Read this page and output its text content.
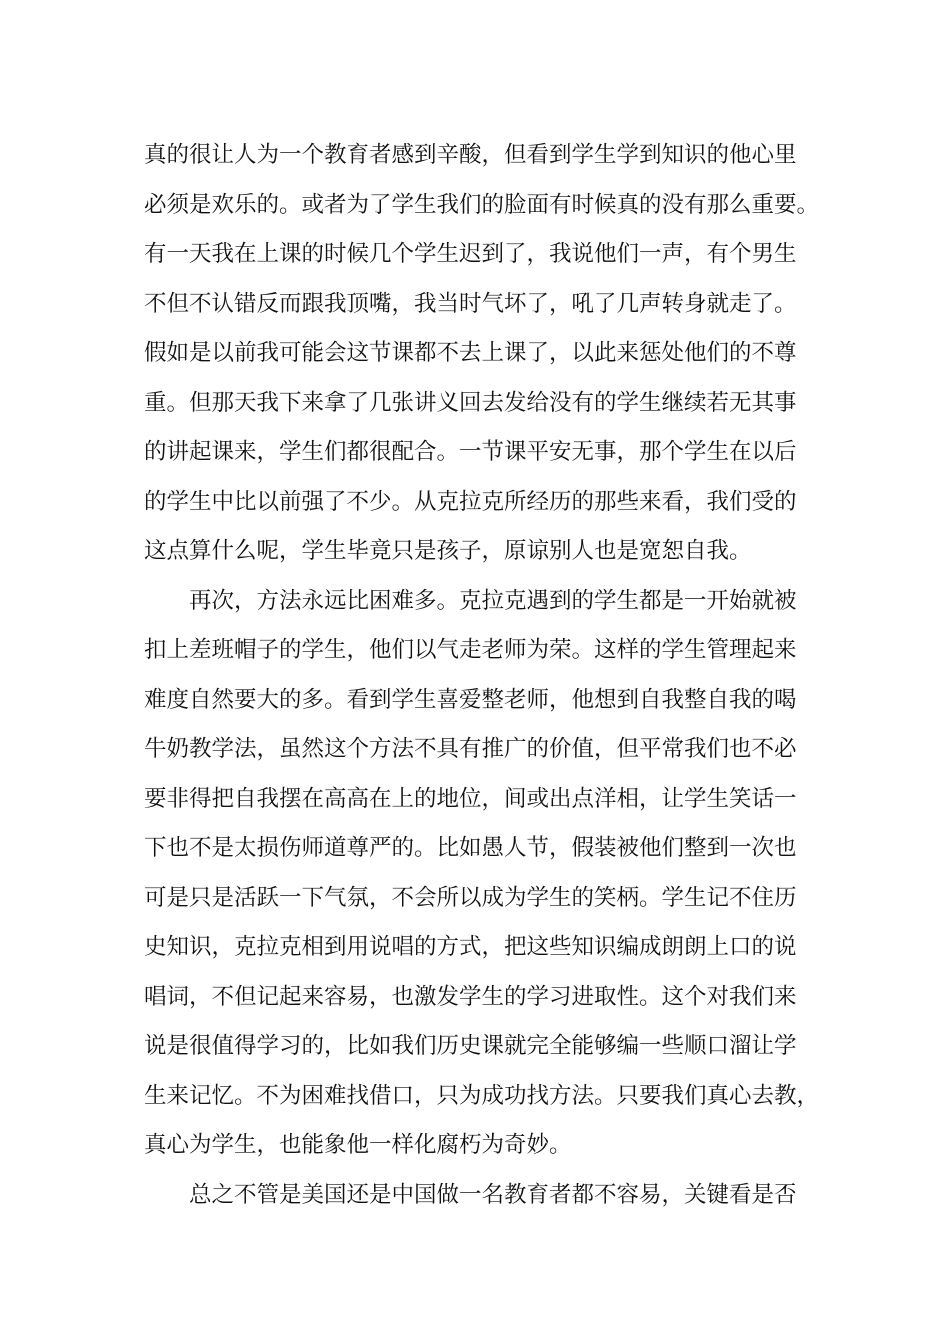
真的很让人为一个教育者感到辛酸，但看到学生学到知识的他心里
必须是欢乐的。或者为了学生我们的脸面有时候真的没有那么重要。
有一天我在上课的时候几个学生迟到了，我说他们一声，有个男生
不但不认错反而跟我顶嘴，我当时气坏了，吼了几声转身就走了。
假如是以前我可能会这节课都不去上课了，以此来惩处他们的不尊
重。但那天我下来拿了几张讲义回去发给没有的学生继续若无其事
的讲起课来，学生们都很配合。一节课平安无事，那个学生在以后
的学生中比以前强了不少。从克拉克所经历的那些来看，我们受的
这点算什么呢，学生毕竟只是孩子，原谅别人也是宽恕自我。
再次，方法永远比困难多。克拉克遇到的学生都是一开始就被
扣上差班帽子的学生，他们以气走老师为荣。这样的学生管理起来
难度自然要大的多。看到学生喜爱整老师，他想到自我整自我的喝
牛奶教学法，虽然这个方法不具有推广的价值，但平常我们也不必
要非得把自我摆在高高在上的地位，间或出点洋相，让学生笑话一
下也不是太损伤师道尊严的。比如愚人节，假装被他们整到一次也
可是只是活跃一下气氛，不会所以成为学生的笑柄。学生记不住历
史知识，克拉克相到用说唱的方式，把这些知识编成朗朗上口的说
唱词，不但记起来容易，也激发学生的学习进取性。这个对我们来
说是很值得学习的，比如我们历史课就完全能够编一些顺口溜让学
生来记忆。不为困难找借口，只为成功找方法。只要我们真心去教，
真心为学生，也能象他一样化腐朽为奇妙。
总之不管是美国还是中国做一名教育者都不容易，关键看是否
